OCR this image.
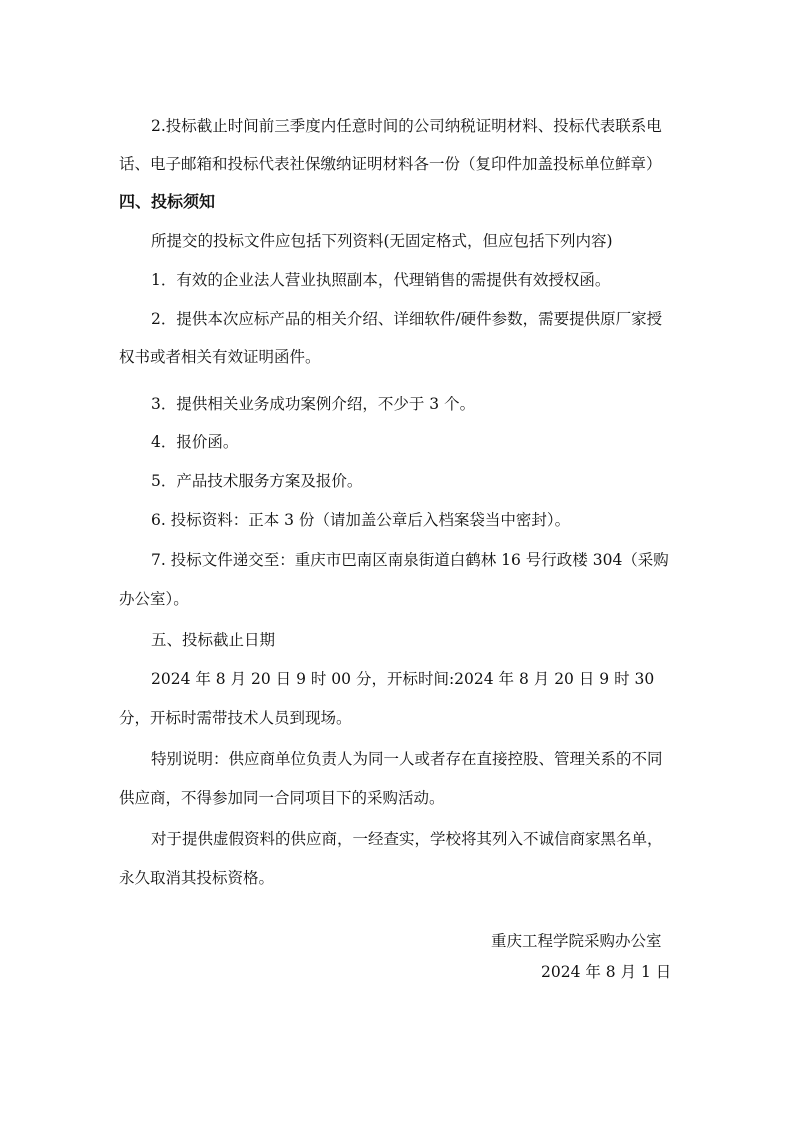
2.投标截止时间前三季度内任意时间的公司纳税证明材料、投标代表联系电
话、电子邮箱和投标代表社保缴纳证明材料各一份（复印件加盖投标单位鲜章）
四、投标须知
所提交的投标文件应包括下列资料(无固定格式，但应包括下列内容)
1．有效的企业法人营业执照副本，代理销售的需提供有效授权函。
2．提供本次应标产品的相关介绍、详细软件/硬件参数，需要提供原厂家授
权书或者相关有效证明函件。
3．提供相关业务成功案例介绍，不少于 3 个。
4．报价函。
5．产品技术服务方案及报价。
6. 投标资料：正本 3 份（请加盖公章后入档案袋当中密封）。
7. 投标文件递交至：重庆市巴南区南泉街道白鹤林 16 号行政楼 304（采购
办公室）。
五、投标截止日期
2024 年 8 月 20 日 9 时 00 分，开标时间:2024 年 8 月 20 日 9 时 30
分，开标时需带技术人员到现场。
特别说明：供应商单位负责人为同一人或者存在直接控股、管理关系的不同
供应商，不得参加同一合同项目下的采购活动。
对于提供虚假资料的供应商，一经查实，学校将其列入不诚信商家黑名单，
永久取消其投标资格。
重庆工程学院采购办公室
2024 年 8 月 1 日
